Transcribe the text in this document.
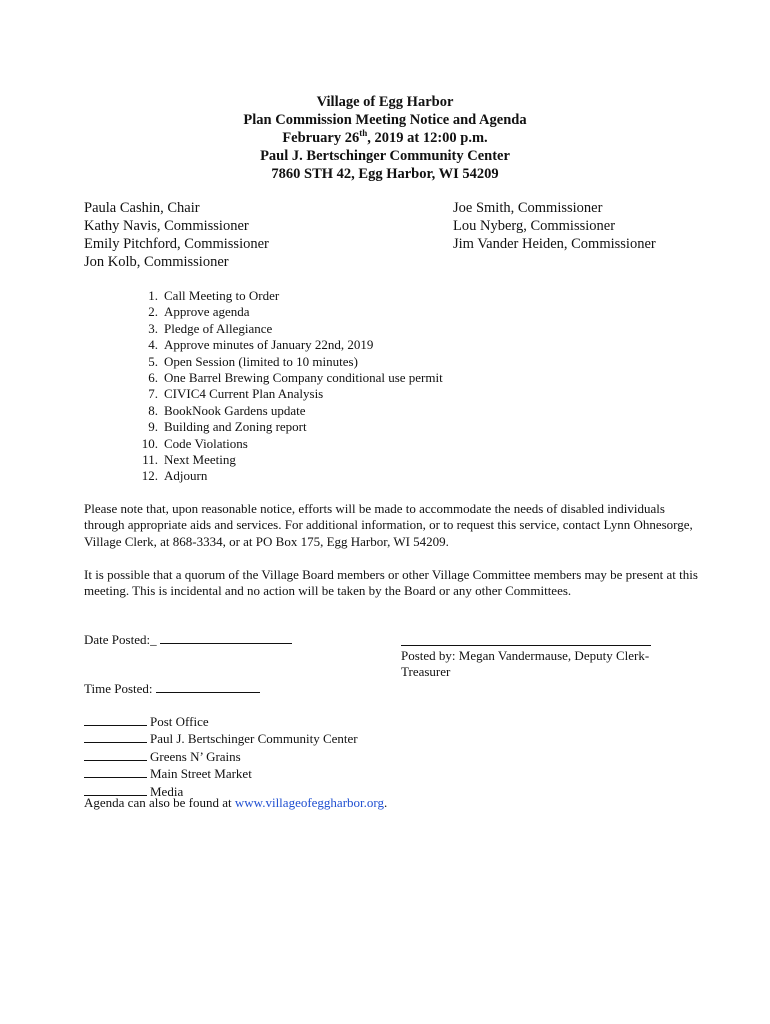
Village of Egg Harbor
Plan Commission Meeting Notice and Agenda
February 26th, 2019 at 12:00 p.m.
Paul J. Bertschinger Community Center
7860 STH 42, Egg Harbor, WI 54209
Paula Cashin, Chair
Kathy Navis, Commissioner
Emily Pitchford, Commissioner
Jon Kolb, Commissioner
Joe Smith, Commissioner
Lou Nyberg, Commissioner
Jim Vander Heiden, Commissioner
1. Call Meeting to Order
2. Approve agenda
3. Pledge of Allegiance
4. Approve minutes of January 22nd, 2019
5. Open Session (limited to 10 minutes)
6. One Barrel Brewing Company conditional use permit
7. CIVIC4 Current Plan Analysis
8. BookNook Gardens update
9. Building and Zoning report
10. Code Violations
11. Next Meeting
12. Adjourn

Please note that, upon reasonable notice, efforts will be made to accommodate the needs of disabled individuals through appropriate aids and services. For additional information, or to request this service, contact Lynn Ohnesorge, Village Clerk, at 868-3334, or at PO Box 175, Egg Harbor, WI 54209.

It is possible that a quorum of the Village Board members or other Village Committee members may be present at this meeting. This is incidental and no action will be taken by the Board or any other Committees.

Date Posted:_
Posted by: Megan Vandermause, Deputy Clerk-Treasurer
Time Posted:
Post Office
Paul J. Bertschinger Community Center
Greens N’ Grains
Main Street Market
Media
Agenda can also be found at www.villageofeggharbor.org.
